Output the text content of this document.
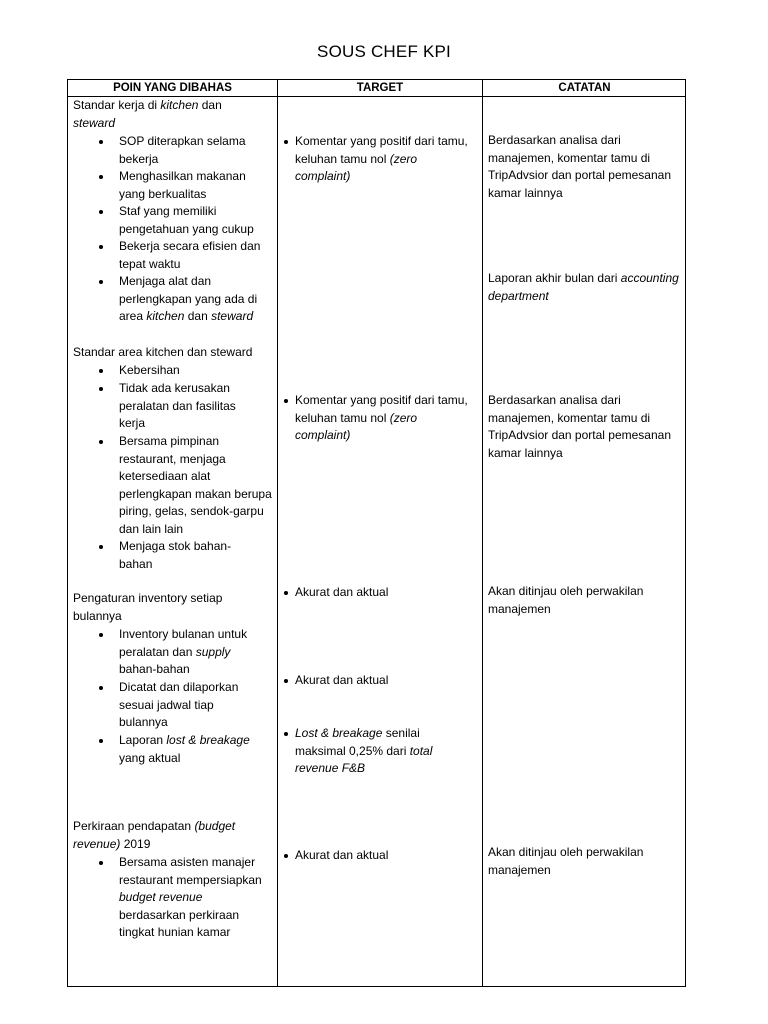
SOUS CHEF KPI
POIN YANG DIBAHAS	TARGET	CATATAN
Standar kerja di kitchen dan
steward
SOP diterapkan selama bekerja
Menghasilkan makanan yang berkualitas
Staf yang memiliki pengetahuan yang cukup
Bekerja secara efisien dan tepat waktu
Menjaga alat dan perlengkapan yang ada di area kitchen dan steward
Standar area kitchen dan steward
Kebersihan
Tidak ada kerusakan peralatan dan fasilitas kerja
Bersama pimpinan restaurant, menjaga ketersediaan alat perlengkapan makan berupa piring, gelas, sendok-garpu dan lain lain
Menjaga stok bahan-bahan
Pengaturan inventory setiap bulannya
Inventory bulanan untuk peralatan dan supply bahan-bahan
Dicatat dan dilaporkan sesuai jadwal tiap bulannya
Laporan lost & breakage yang aktual
Perkiraan pendapatan (budget revenue) 2019
Bersama asisten manajer restaurant mempersiapkan budget revenue berdasarkan perkiraan tingkat hunian kamar
Komentar yang positif dari tamu, keluhan tamu nol (zero complaint)
Komentar yang positif dari tamu, keluhan tamu nol (zero complaint)
Akurat dan aktual
Akurat dan aktual
Lost & breakage senilai maksimal 0,25% dari total revenue F&B
Akurat dan aktual
Berdasarkan analisa dari manajemen, komentar tamu di TripAdvsior dan portal pemesanan kamar lainnya
Laporan akhir bulan dari accounting department
Berdasarkan analisa dari manajemen, komentar tamu di TripAdvsior dan portal pemesanan kamar lainnya
Akan ditinjau oleh perwakilan manajemen
Akan ditinjau oleh perwakilan manajemen
